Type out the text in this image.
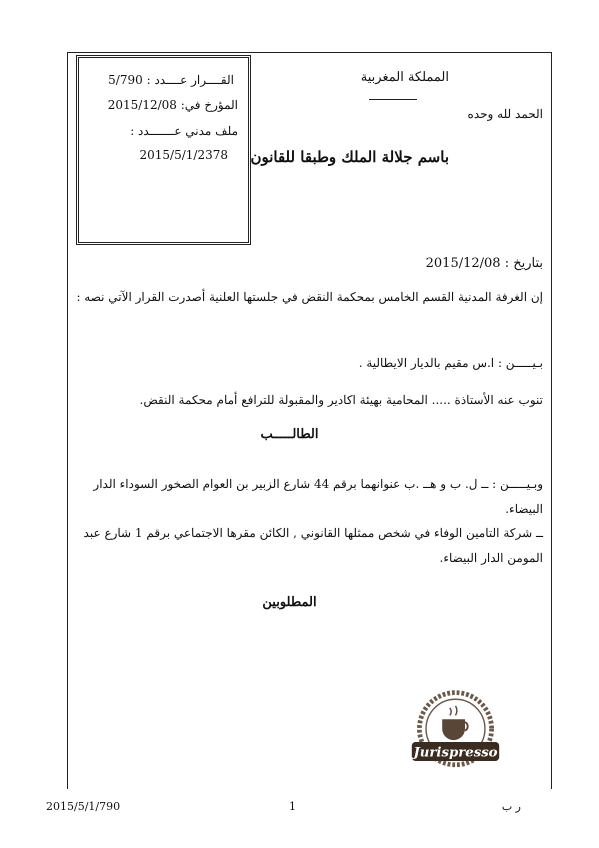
القــــرار عــــدد : 5/790
المؤرخ في: 2015/12/08
ملف مدني عـــــــدد :
2015/5/1/2378
المملكة المغربية
الحمد لله وحده
باسم جلالة الملك وطبقا للقانون
بتاريخ : 2015/12/08
إن الغرفة المدنية القسم الخامس بمحكمة النقض في جلستها العلنية أصدرت القرار الآتي نصه :
بـيـــــن : ا.س مقيم بالديار الايطالية .
تنوب عنه الأستاذة ..... المحامية بهيئة اكادير والمقبولة للترافع أمام محكمة النقض.
الطالـــــب
وبـيـــــن : ــ ل. ب و هــ .ب عنوانهما برقم 44 شارع الزبير بن العوام الصخور السوداء الدار البيضاء.
ــ شركة التامين الوفاء في شخص ممثلها القانوني , الكائن مقرها الاجتماعي برقم 1 شارع عبد المومن الدار البيضاء.
المطلوبين
Jurispresso
2015/5/1/790	1	ر ب
